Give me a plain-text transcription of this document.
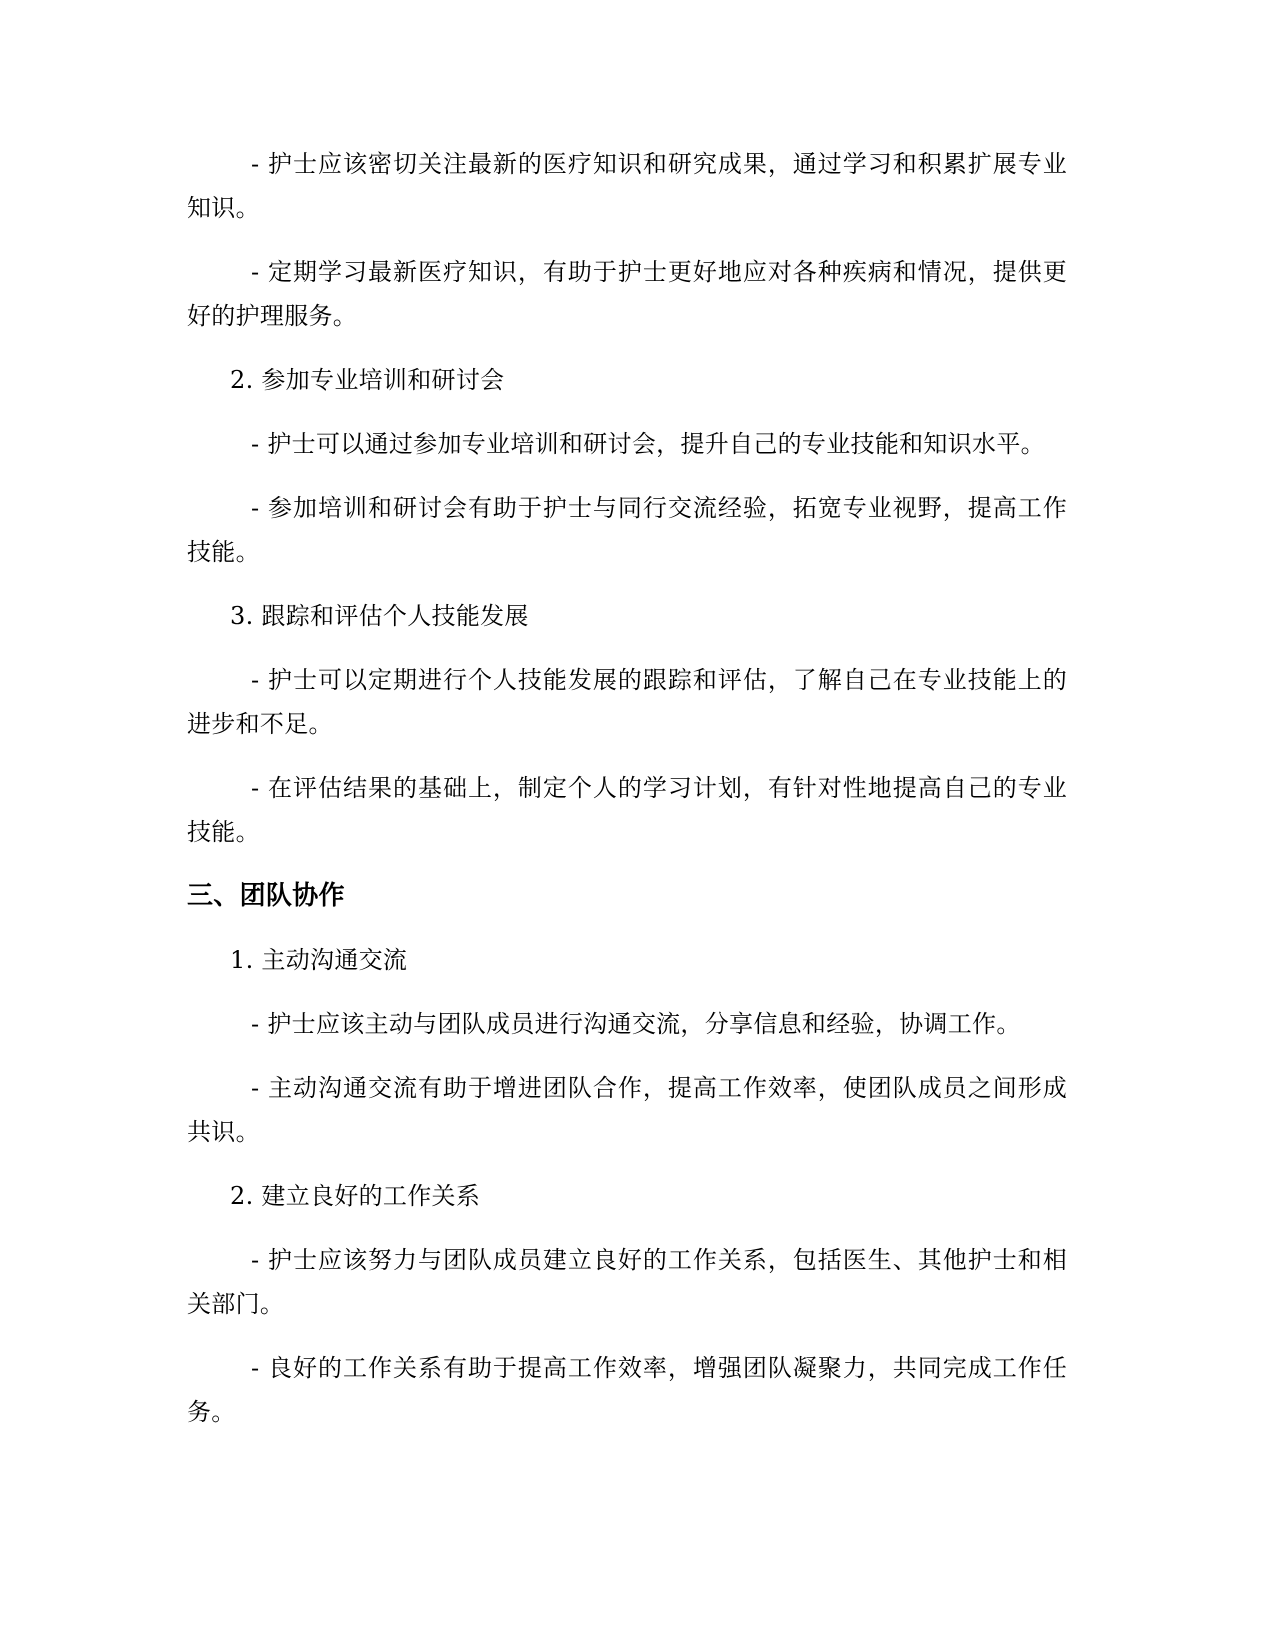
- 护士应该密切关注最新的医疗知识和研究成果，通过学习和积累扩展专业知识。

- 定期学习最新医疗知识，有助于护士更好地应对各种疾病和情况，提供更好的护理服务。

2. 参加专业培训和研讨会

- 护士可以通过参加专业培训和研讨会，提升自己的专业技能和知识水平。

- 参加培训和研讨会有助于护士与同行交流经验，拓宽专业视野，提高工作技能。

3. 跟踪和评估个人技能发展

- 护士可以定期进行个人技能发展的跟踪和评估，了解自己在专业技能上的进步和不足。

- 在评估结果的基础上，制定个人的学习计划，有针对性地提高自己的专业技能。

三、团队协作

1. 主动沟通交流

- 护士应该主动与团队成员进行沟通交流，分享信息和经验，协调工作。

- 主动沟通交流有助于增进团队合作，提高工作效率，使团队成员之间形成共识。

2. 建立良好的工作关系

- 护士应该努力与团队成员建立良好的工作关系，包括医生、其他护士和相关部门。

- 良好的工作关系有助于提高工作效率，增强团队凝聚力，共同完成工作任务。
